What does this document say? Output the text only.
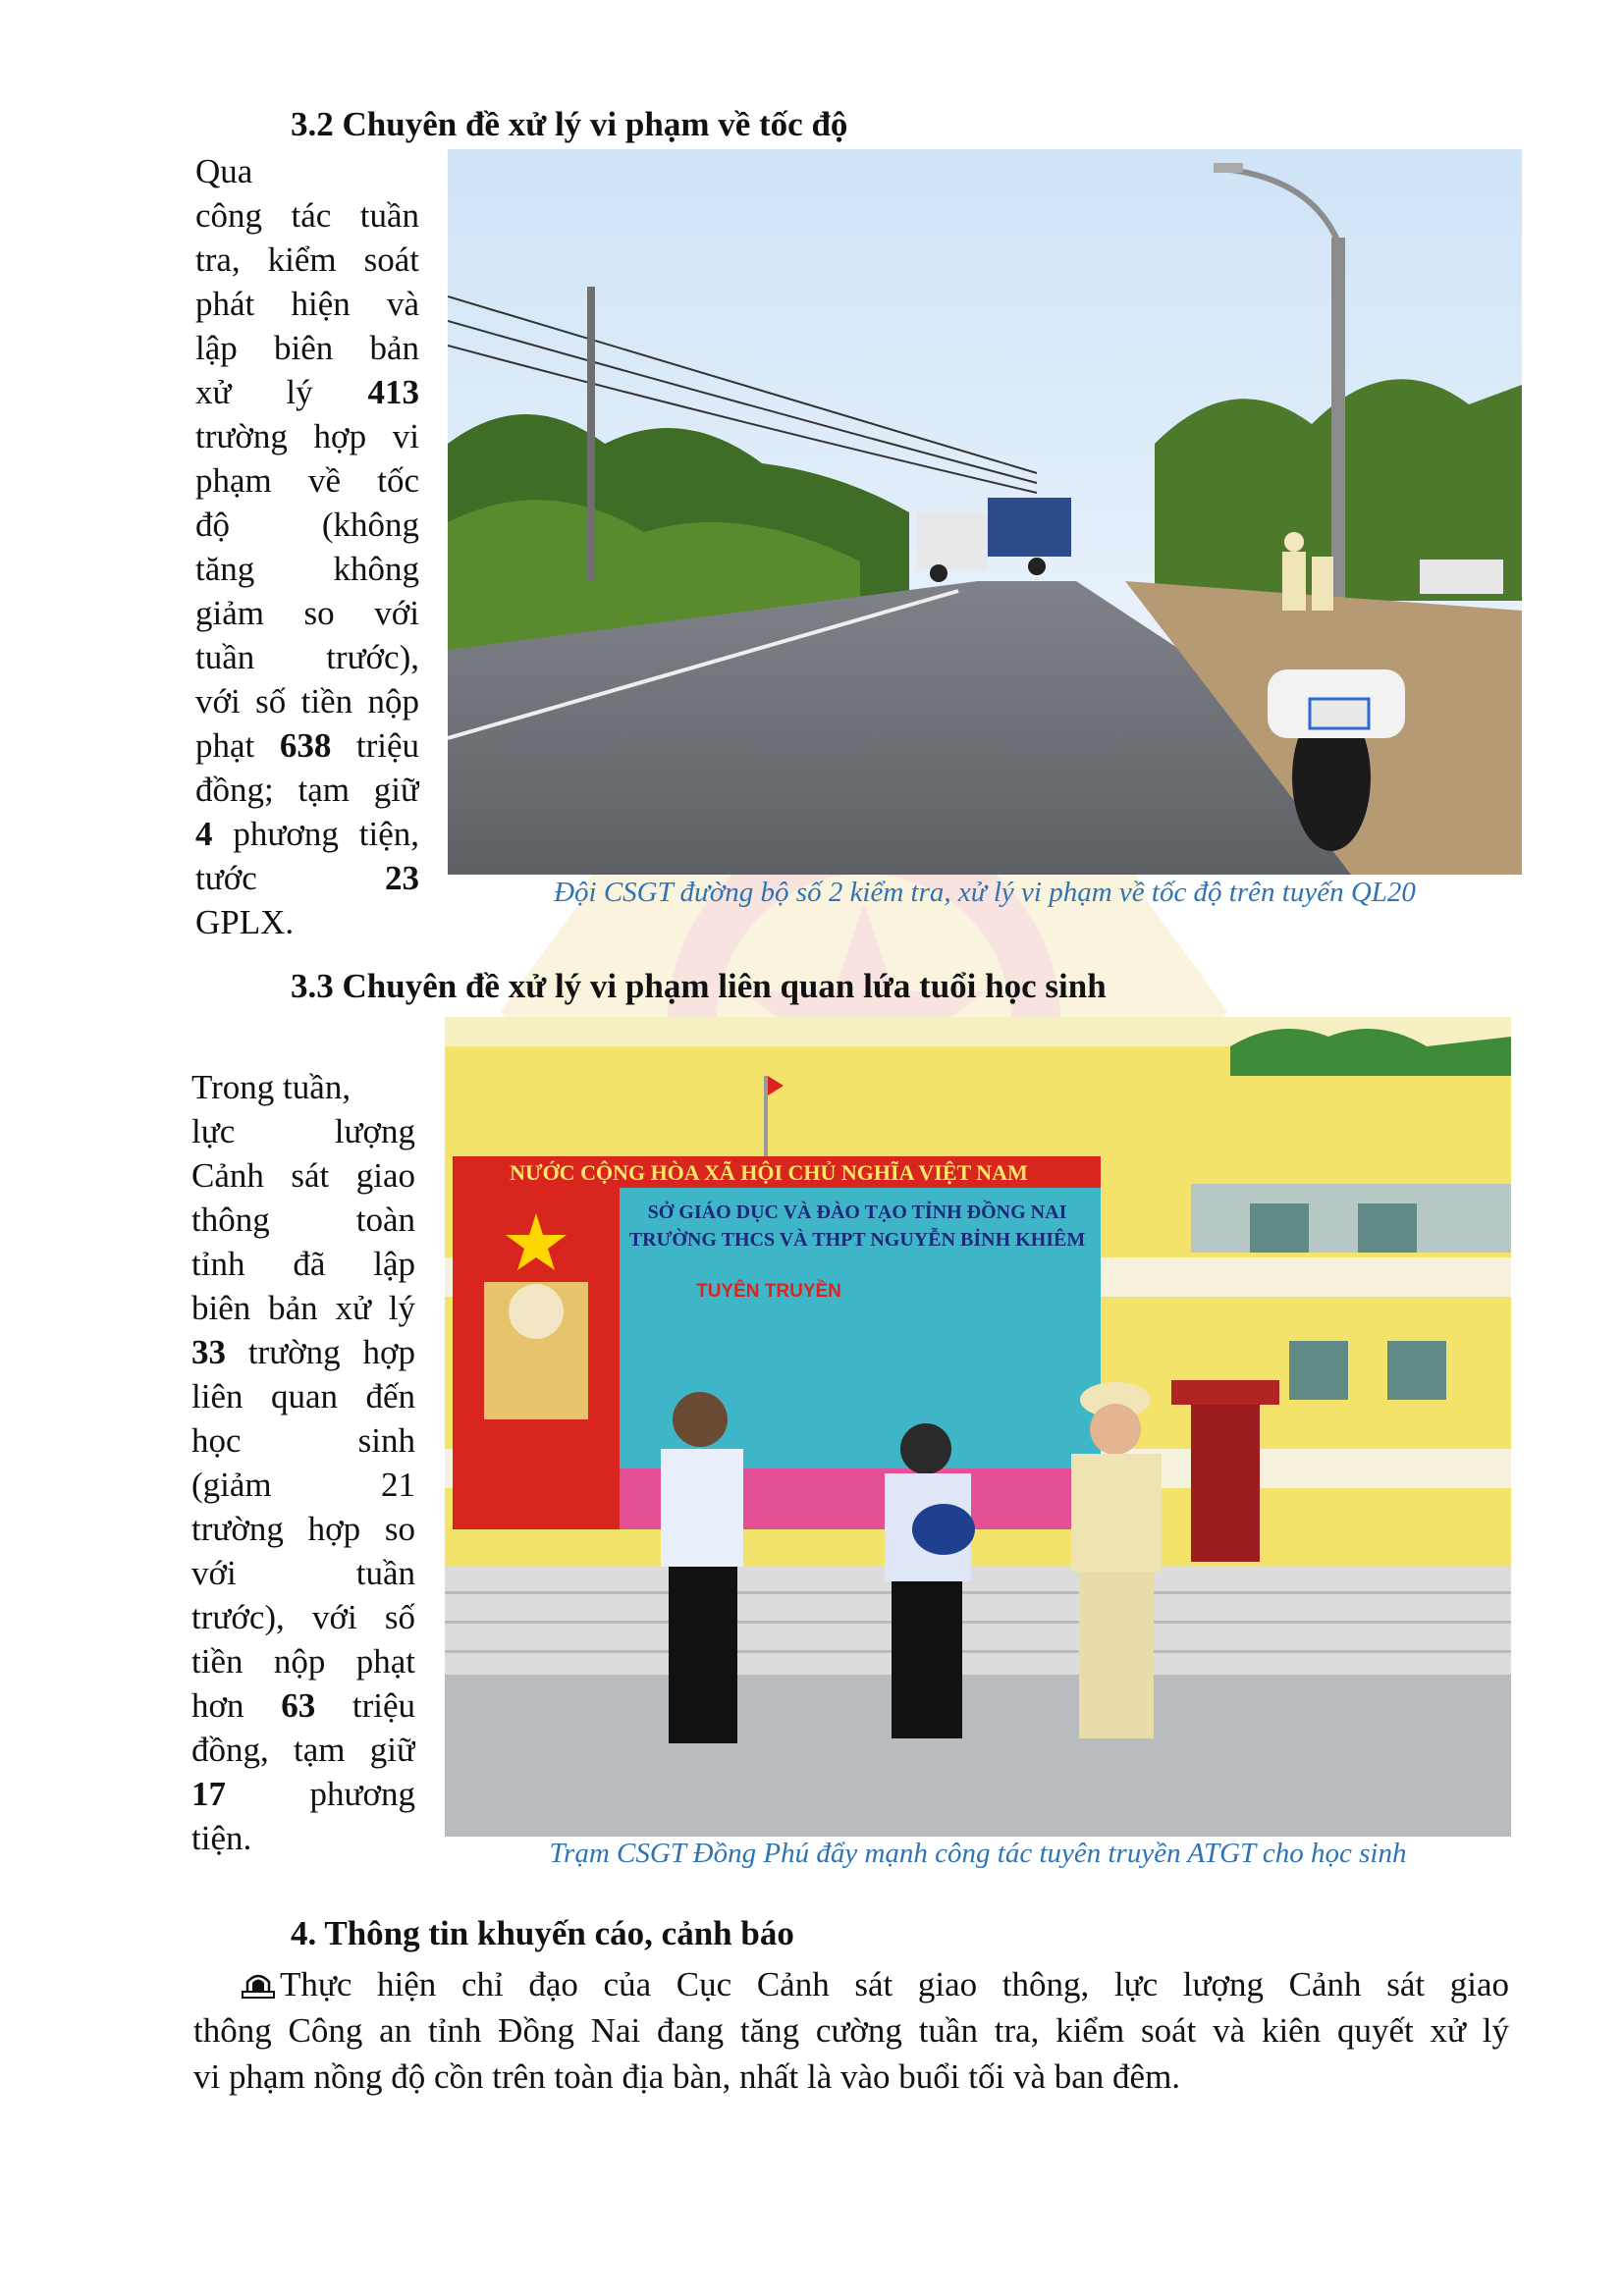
3.2 Chuyên đề xử lý vi phạm về tốc độ
Qua
công tác tuần
tra, kiểm soát
phát hiện và
lập biên bản
xử lý 413
trường hợp vi
phạm về tốc
độ (không
tăng không
giảm so với
tuần trước),
với số tiền nộp
phạt 638 triệu
đồng; tạm giữ
4 phương tiện,
tước 23
GPLX.
Đội CSGT đường bộ số 2 kiểm tra, xử lý vi phạm về tốc độ trên tuyến QL20
3.3 Chuyên đề xử lý vi phạm liên quan lứa tuổi học sinh
Trong tuần,
lực lượng
Cảnh sát giao
thông toàn
tỉnh đã lập
biên bản xử lý
33 trường hợp
liên quan đến
học sinh
(giảm 21
trường hợp so
với tuần
trước), với số
tiền nộp phạt
hơn 63 triệu
đồng, tạm giữ
17 phương
tiện.
NƯỚC CỘNG HÒA XÃ HỘI CHỦ NGHĨA VIỆT NAM
SỞ GIÁO DỤC VÀ ĐÀO TẠO TỈNH ĐỒNG NAI
TRƯỜNG THCS VÀ THPT NGUYỄN BỈNH KHIÊM
TUYÊN TRUYỀN
Trạm CSGT Đồng Phú đẩy mạnh công tác tuyên truyền ATGT cho học sinh
4. Thông tin khuyến cáo, cảnh báo
Thực hiện chỉ đạo của Cục Cảnh sát giao thông, lực lượng Cảnh sát giao
thông Công an tỉnh Đồng Nai đang tăng cường tuần tra, kiểm soát và kiên quyết xử lý
vi phạm nồng độ cồn trên toàn địa bàn, nhất là vào buổi tối và ban đêm.
